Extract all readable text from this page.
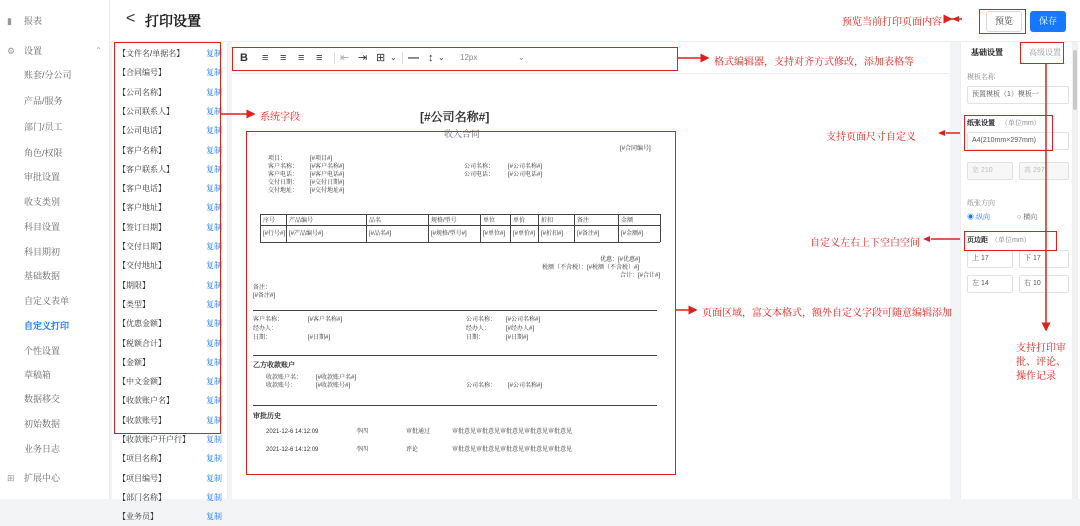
▮ 报表
⚙ 设置	⌃
账套/分公司
产品/服务
部门/员工
角色/权限
审批设置
收支类别
科目设置
科目期初
基础数据
自定义表单
自定义打印
个性设置
草稿箱
数据移交
初始数据
业务日志
⊞ 扩展中心
< 打印设置	预览	保存
【文件名/单据名】	复制
【合同编号】	复制
【公司名称】	复制
【公司联系人】	复制
【公司电话】	复制
【客户名称】	复制
【客户联系人】	复制
【客户电话】	复制
【客户地址】	复制
【签订日期】	复制
【交付日期】	复制
【交付地址】	复制
【期限】	复制
【类型】	复制
【优惠金额】	复制
【税额合计】	复制
【金额】	复制
【中文金额】	复制
【收款账户名】	复制
【收款账号】	复制
【收款账户开户行】 复制
【项目名称】	复制
【项目编号】	复制
【部门名称】	复制
【业务员】	复制
B ≡ ≡ ≡ ≡ ⇤ ⇥ ⊞ ⌄ — ↕ ⌄ 12px	⌄
[#公司名称#]
收入合同
[#合同编号]
项目：	[#项目#]
客户名称： [#客户名称#]	公司名称： [#公司名称#]
客户电话： [#客户电话#]	公司电话： [#公司电话#]
交付日期： [#交付日期#]
交付地址： [#交付地址#]
序号 产品编号	品名	规格/型号	单位	单价	折扣	备注	金额
[#行号#] [#产品编号#]	[#品名#]	[#规格/型号#]	[#单位#]	[#单价#] [#折扣#]	[#备注#]	[#金额#]
优惠：[#优惠#]
税额（不含税）：[#税额（不含税）#]
合计：[#合计#]
备注：
[#备注#]
客户名称：	[#客户名称#]	公司名称： [#公司名称#]
经办人：	经办人：	[#经办人#]
日期：	[#日期#]	日期：	[#日期#]
乙方收款账户
收款账户名： [#收款账户名#]
收款账号：	[#收款账号#]	公司名称： [#公司名称#]
审批历史
2021-12-6 14:12:09	李四	审批通过	审批意见审批意见审批意见审批意见审批意见
2021-12-6 14:12:09	李四	评论	审批意见审批意见审批意见审批意见审批意见
基础设置	高级设置
模板名称
预置模板（1）模板一
纸张设置 （单位mm）
A4(210mm×297mm)
宽 210	高 297
纸张方向
◉ 纵向	○ 横向
页边距 （单位mm）
上 17	下 17
左 14	右 10
预览当前打印页面内容
格式编辑器，支持对齐方式修改，添加表格等
系统字段
支持页面尺寸自定义
自定义左右上下空白空间
页面区域，富文本格式，额外自定义字段可随意编辑添加
支持打印审批、评论、操作记录
